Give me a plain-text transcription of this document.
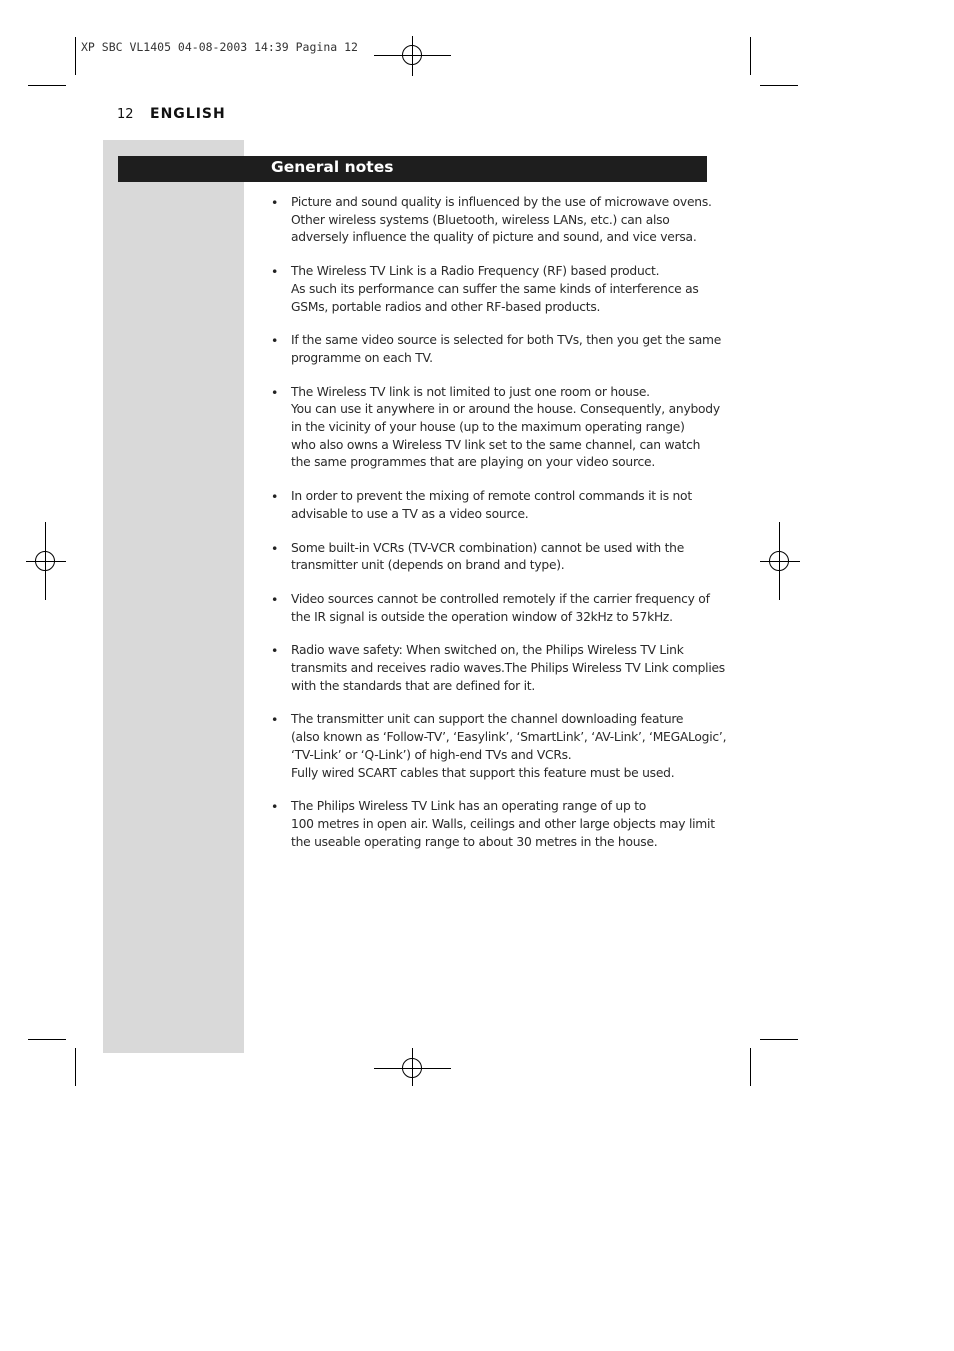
XP SBC VL1405 04-08-2003 14:39 Pagina 12
12 ENGLISH
General notes
• Picture and sound quality is influenced by the use of microwave ovens.
Other wireless systems (Bluetooth, wireless LANs, etc.) can also
adversely influence the quality of picture and sound, and vice versa.
• The Wireless TV Link is a Radio Frequency (RF) based product.
As such its performance can suffer the same kinds of interference as
GSMs, portable radios and other RF-based products.
• If the same video source is selected for both TVs, then you get the same
programme on each TV.
• The Wireless TV link is not limited to just one room or house.
You can use it anywhere in or around the house. Consequently, anybody
in the vicinity of your house (up to the maximum operating range)
who also owns a Wireless TV link set to the same channel, can watch
the same programmes that are playing on your video source.
• In order to prevent the mixing of remote control commands it is not
advisable to use a TV as a video source.
• Some built-in VCRs (TV-VCR combination) cannot be used with the
transmitter unit (depends on brand and type).
• Video sources cannot be controlled remotely if the carrier frequency of
the IR signal is outside the operation window of 32kHz to 57kHz.
• Radio wave safety: When switched on, the Philips Wireless TV Link
transmits and receives radio waves.The Philips Wireless TV Link complies
with the standards that are defined for it.
• The transmitter unit can support the channel downloading feature
(also known as ‘Follow-TV’, ‘Easylink’, ‘SmartLink’, ‘AV-Link’, ‘MEGALogic’,
‘TV-Link’ or ‘Q-Link’) of high-end TVs and VCRs.
Fully wired SCART cables that support this feature must be used.
• The Philips Wireless TV Link has an operating range of up to
100 metres in open air. Walls, ceilings and other large objects may limit
the useable operating range to about 30 metres in the house.
